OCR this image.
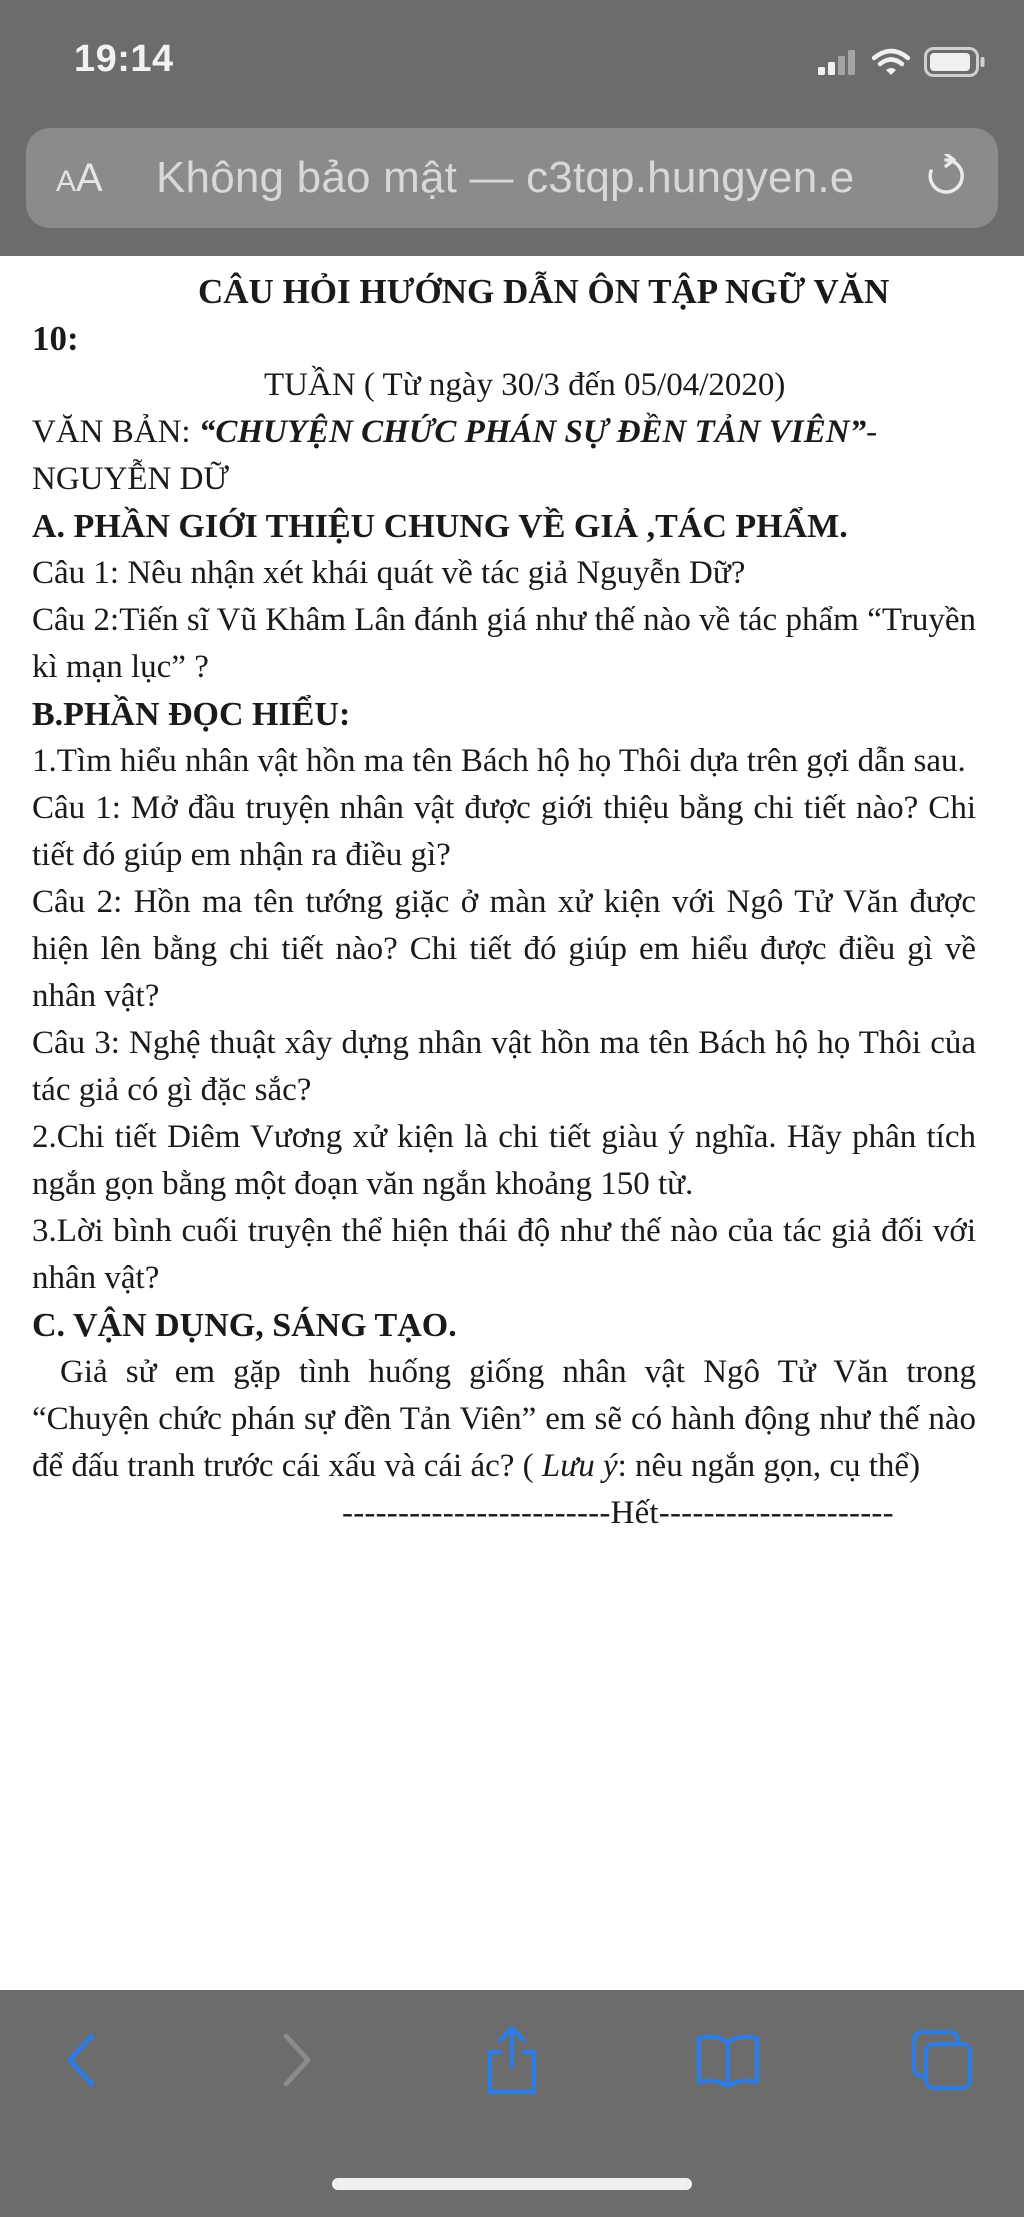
19:14
AA	Không bảo mật — c3tqp.hungyen.e

CÂU HỎI HƯỚNG DẪN ÔN TẬP NGỮ VĂN
10:

TUẦN ( Từ ngày 30/3 đến 05/04/2020)

VĂN BẢN: “CHUYỆN CHỨC PHÁN SỰ ĐỀN TẢN VIÊN”- NGUYỄN DỮ

A. PHẦN GIỚI THIỆU CHUNG VỀ GIẢ ,TÁC PHẨM.

Câu 1: Nêu nhận xét khái quát về tác giả Nguyễn Dữ?

Câu 2:Tiến sĩ Vũ Khâm Lân đánh giá như thế nào về tác phẩm “Truyền kì mạn lục” ?

B.PHẦN ĐỌC HIỂU:

1.Tìm hiểu nhân vật hồn ma tên Bách hộ họ Thôi dựa trên gợi dẫn sau.

Câu 1: Mở đầu truyện nhân vật được giới thiệu bằng chi tiết nào? Chi tiết đó giúp em nhận ra điều gì?

Câu 2: Hồn ma tên tướng giặc ở màn xử kiện với Ngô Tử Văn được hiện lên bằng chi tiết nào? Chi tiết đó giúp em hiểu được điều gì về nhân vật?

Câu 3: Nghệ thuật xây dựng nhân vật hồn ma tên Bách hộ họ Thôi của tác giả có gì đặc sắc?

2.Chi tiết Diêm Vương xử kiện là chi tiết giàu ý nghĩa. Hãy phân tích ngắn gọn bằng một đoạn văn ngắn khoảng 150 từ.

3.Lời bình cuối truyện thể hiện thái độ như thế nào của tác giả đối với nhân vật?

C. VẬN DỤNG, SÁNG TẠO.

Giả sử em gặp tình huống giống nhân vật Ngô Tử Văn trong “Chuyện chức phán sự đền Tản Viên” em sẽ có hành động như thế nào để đấu tranh trước cái xấu và cái ác? ( Lưu ý: nêu ngắn gọn, cụ thể)

------------------------Hết---------------------
